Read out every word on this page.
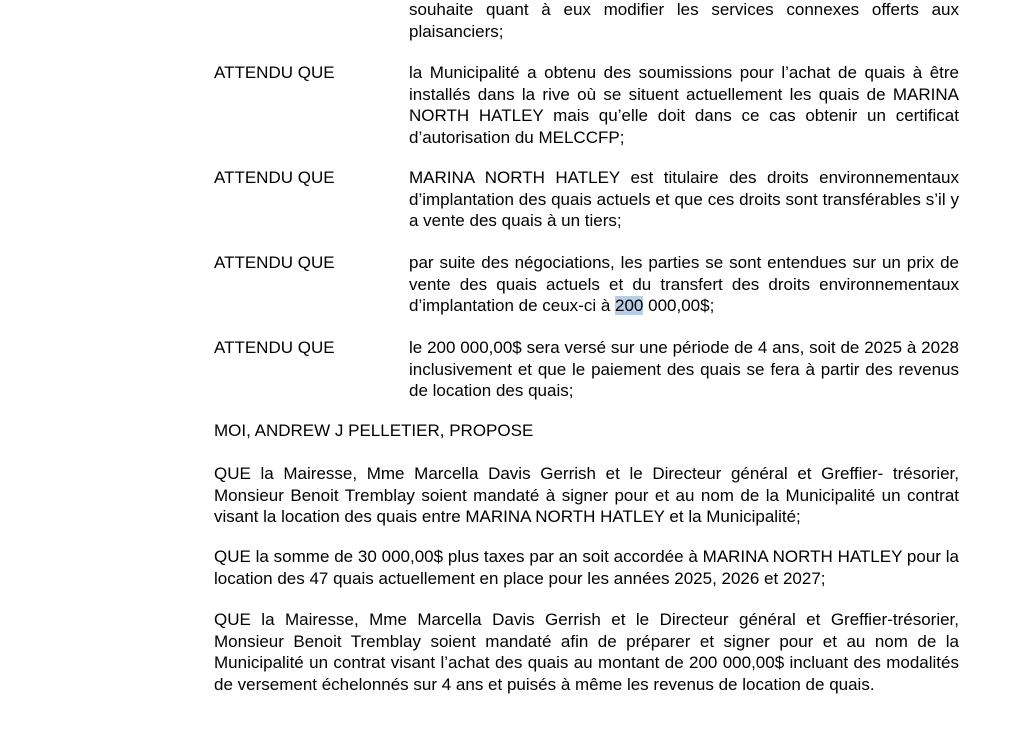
souhaite quant à eux modifier les services connexes offerts aux plaisanciers;
ATTENDU QUE	la Municipalité a obtenu des soumissions pour l’achat de quais à être installés dans la rive où se situent actuellement les quais de MARINA NORTH HATLEY mais qu’elle doit dans ce cas obtenir un certificat d’autorisation du MELCCFP;
ATTENDU QUE	MARINA NORTH HATLEY est titulaire des droits environnementaux d’implantation des quais actuels et que ces droits sont transférables s’il y a vente des quais à un tiers;
ATTENDU QUE	par suite des négociations, les parties se sont entendues sur un prix de vente des quais actuels et du transfert des droits environnementaux d’implantation de ceux-ci à 200 000,00$;
ATTENDU QUE	le 200 000,00$ sera versé sur une période de 4 ans, soit de 2025 à 2028 inclusivement et que le paiement des quais se fera à partir des revenus de location des quais;
MOI, ANDREW J PELLETIER, PROPOSE
QUE la Mairesse, Mme Marcella Davis Gerrish et le Directeur général et Greffier- trésorier, Monsieur Benoit Tremblay soient mandaté à signer pour et au nom de la Municipalité un contrat visant la location des quais entre MARINA NORTH HATLEY et la Municipalité;
QUE la somme de 30 000,00$ plus taxes par an soit accordée à MARINA NORTH HATLEY pour la location des 47 quais actuellement en place pour les années 2025, 2026 et 2027;
QUE la Mairesse, Mme Marcella Davis Gerrish et le Directeur général et Greffier-trésorier, Monsieur Benoit Tremblay soient mandaté afin de préparer et signer pour et au nom de la Municipalité un contrat visant l’achat des quais au montant de 200 000,00$ incluant des modalités de versement échelonnés sur 4 ans et puisés à même les revenus de location de quais.
